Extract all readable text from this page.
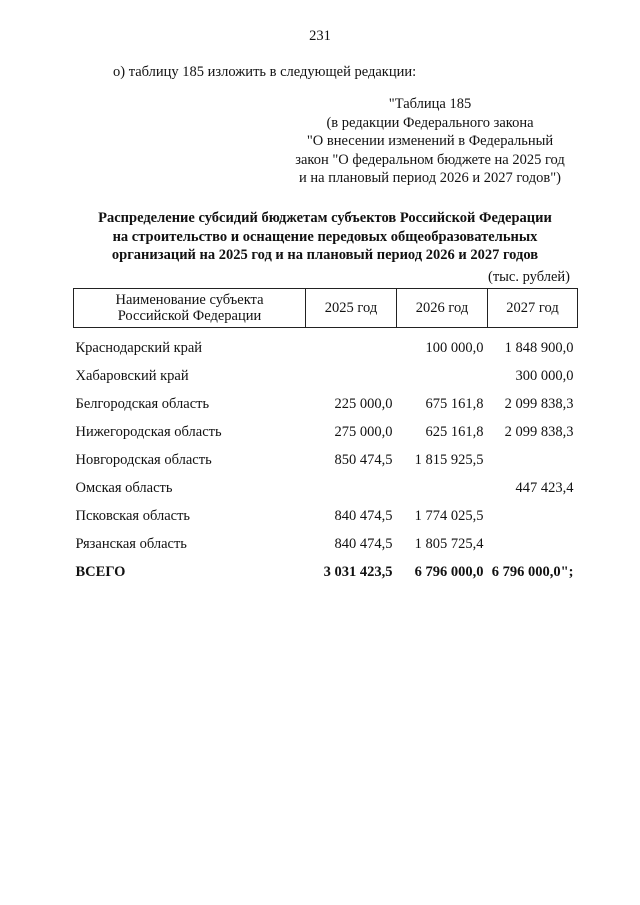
231
о) таблицу 185 изложить в следующей редакции:
"Таблица 185
(в редакции Федерального закона
"О внесении изменений в Федеральный
закон "О федеральном бюджете на 2025 год
и на плановый период 2026 и 2027 годов")
Распределение субсидий бюджетам субъектов Российской Федерации
на строительство и оснащение передовых общеобразовательных
организаций на 2025 год и на плановый период 2026 и 2027 годов
(тыс. рублей)
Наименование субъекта
Российской Федерации	2025 год	2026 год	2027 год
Краснодарский край		100 000,0	1 848 900,0
Хабаровский край			300 000,0
Белгородская область	225 000,0	675 161,8	2 099 838,3
Нижегородская область	275 000,0	625 161,8	2 099 838,3
Новгородская область	850 474,5	1 815 925,5	
Омская область			447 423,4
Псковская область	840 474,5	1 774 025,5	
Рязанская область	840 474,5	1 805 725,4	
ВСЕГО	3 031 423,5	6 796 000,0	6 796 000,0";
